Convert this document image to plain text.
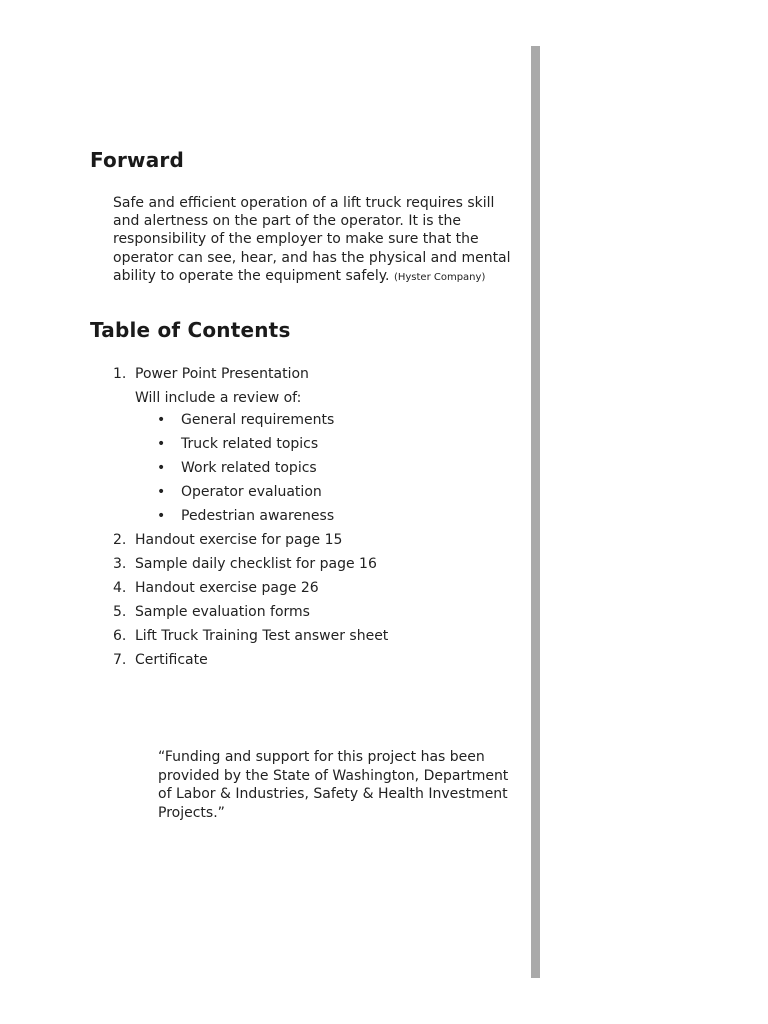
Forward

Safe and efficient operation of a lift truck requires skill and alertness on the part of the operator. It is the responsibility of the employer to make sure that the operator can see, hear, and has the physical and mental ability to operate the equipment safely. (Hyster Company)

Table of Contents
1. Power Point Presentation
Will include a review of:
•	General requirements
•	Truck related topics
•	Work related topics
•	Operator evaluation
•	Pedestrian awareness
2. Handout exercise for page 15
3. Sample daily checklist for page 16
4. Handout exercise page 26
5. Sample evaluation forms
6. Lift Truck Training Test answer sheet
7. Certificate

“Funding and support for this project has been provided by the State of Washington, Department of Labor & Industries, Safety & Health Investment Projects.”
